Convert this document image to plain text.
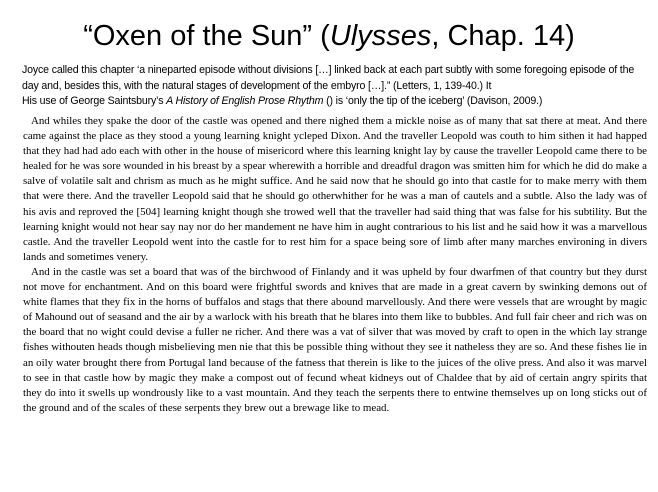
“Oxen of the Sun” (Ulysses, Chap. 14)
Joyce called this chapter ‘a nineparted episode without divisions […] linked back at each part subtly with some foregoing episode of the day and, besides this, with the natural stages of development of the embyro […].” (Letters, 1, 139-40.) It
His use of George Saintsbury’s A History of English Prose Rhythm () is ‘only the tip of the iceberg’ (Davison, 2009.)

And whiles they spake the door of the castle was opened and there nighed them a mickle noise as of many that sat there at meat. And there came against the place as they stood a young learning knight ycleped Dixon. And the traveller Leopold was couth to him sithen it had happed that they had had ado each with other in the house of misericord where this learning knight lay by cause the traveller Leopold came there to be healed for he was sore wounded in his breast by a spear wherewith a horrible and dreadful dragon was smitten him for which he did do make a salve of volatile salt and chrism as much as he might suffice. And he said now that he should go into that castle for to make merry with them that were there. And the traveller Leopold said that he should go otherwhither for he was a man of cautels and a subtle. Also the lady was of his avis and reproved the [504] learning knight though she trowed well that the traveller had said thing that was false for his subtility. But the learning knight would not hear say nay nor do her mandement ne have him in aught contrarious to his list and he said how it was a marvellous castle. And the traveller Leopold went into the castle for to rest him for a space being sore of limb after many marches environing in divers lands and sometimes venery.

And in the castle was set a board that was of the birchwood of Finlandy and it was upheld by four dwarfmen of that country but they durst not move for enchantment. And on this board were frightful swords and knives that are made in a great cavern by swinking demons out of white flames that they fix in the horns of buffalos and stags that there abound marvellously. And there were vessels that are wrought by magic of Mahound out of seasand and the air by a warlock with his breath that he blares into them like to bubbles. And full fair cheer and rich was on the board that no wight could devise a fuller ne richer. And there was a vat of silver that was moved by craft to open in the which lay strange fishes withouten heads though misbelieving men nie that this be possible thing without they see it natheless they are so. And these fishes lie in an oily water brought there from Portugal land because of the fatness that therein is like to the juices of the olive press. And also it was marvel to see in that castle how by magic they make a compost out of fecund wheat kidneys out of Chaldee that by aid of certain angry spirits that they do into it swells up wondrously like to a vast mountain. And they teach the serpents there to entwine themselves up on long sticks out of the ground and of the scales of these serpents they brew out a brewage like to mead.
